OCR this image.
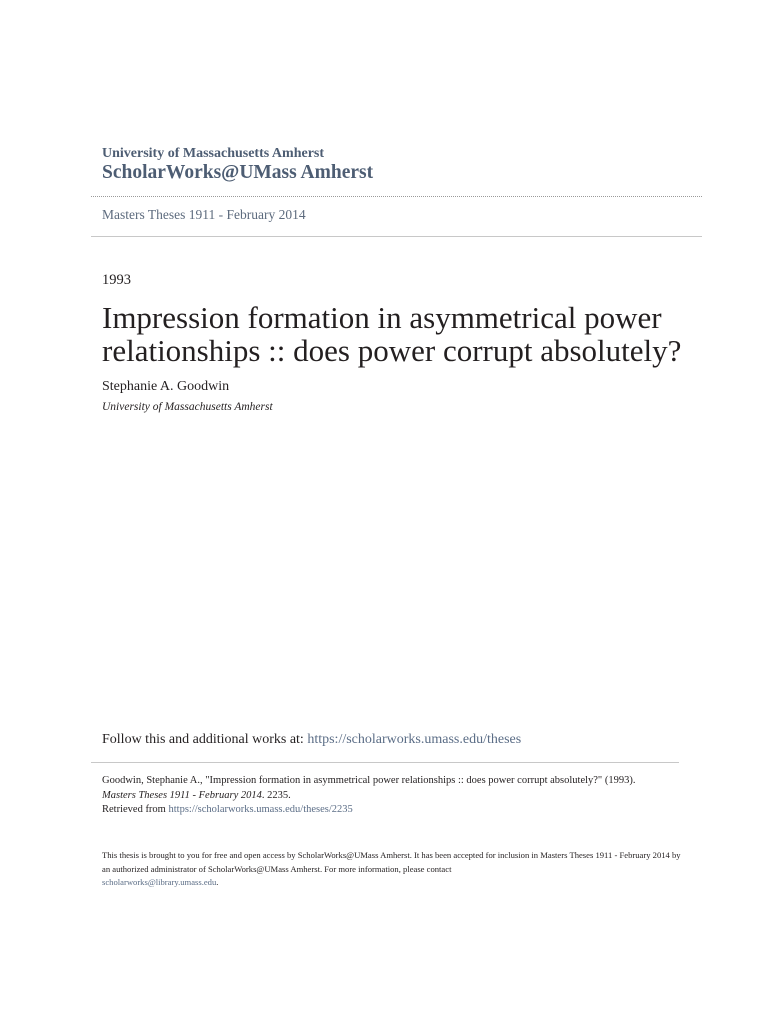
University of Massachusetts Amherst
ScholarWorks@UMass Amherst
Masters Theses 1911 - February 2014
1993
Impression formation in asymmetrical power relationships :: does power corrupt absolutely?
Stephanie A. Goodwin
University of Massachusetts Amherst
Follow this and additional works at: https://scholarworks.umass.edu/theses
Goodwin, Stephanie A., "Impression formation in asymmetrical power relationships :: does power corrupt absolutely?" (1993).
Masters Theses 1911 - February 2014. 2235.
Retrieved from https://scholarworks.umass.edu/theses/2235
This thesis is brought to you for free and open access by ScholarWorks@UMass Amherst. It has been accepted for inclusion in Masters Theses 1911 - February 2014 by an authorized administrator of ScholarWorks@UMass Amherst. For more information, please contact
scholarworks@library.umass.edu.
